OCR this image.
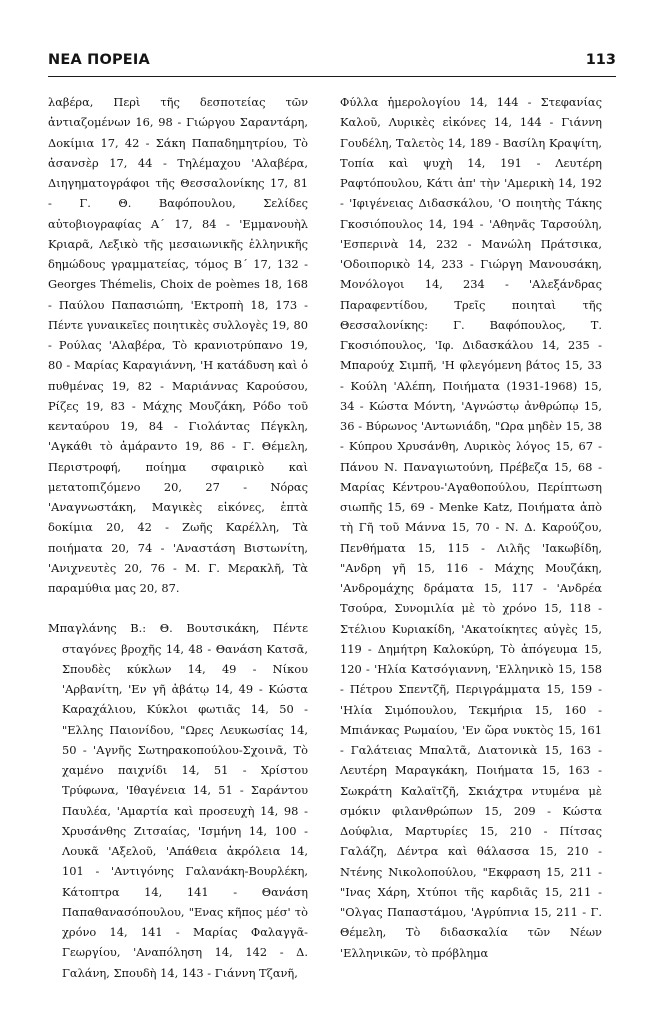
ΝΕΑ ΠΟΡΕΙΑ	113

λαβέρα, Περὶ τῆς δεσποτείας τῶν ἀντιαζομένων 16, 98 - Γιώργου Σαραντάρη, Δοκίμια 17, 42 - Σάκη Παπαδημητρίου, Τὸ ἀσανσὲρ 17, 44 - Τηλέμαχου 'Αλαβέρα, Διηγηματογράφοι τῆς Θεσσαλονίκης 17, 81 - Γ. Θ. Βαφόπουλου, Σελίδες αὐτοβιογραφίας Α΄ 17, 84 - 'Εμμανουὴλ Κριαρᾶ, Λεξικὸ τῆς μεσαιωνικῆς ἑλληνικῆς δημώδους γραμματείας, τόμος Β΄ 17, 132 - Georges Thémelis, Choix de poèmes 18, 168 - Παύλου Παπασιώπη, 'Εκτροπὴ 18, 173 - Πέντε γυναικεῖες ποιητικὲς συλλογὲς 19, 80 - Ρούλας 'Αλαβέρα, Τὸ κρανιοτρύπανο 19, 80 - Μαρίας Καραγιάννη, 'Η κατάδυση καὶ ὁ πυθμένας 19, 82 - Μαριάννας Καρούσου, Ρίζες 19, 83 - Μάχης Μουζάκη, Ρόδο τοῦ κενταύρου 19, 84 - Γιολάντας Πέγκλη, 'Αγκάθι τὸ ἀμάραντο 19, 86 - Γ. Θέμελη, Περιστροφή, ποίημα σφαιρικὸ καὶ μετατοπιζόμενο 20, 27 - Νόρας 'Αναγνωστάκη, Μαγικὲς εἰκόνες, ἑπτὰ δοκίμια 20, 42 - Ζωῆς Καρέλλη, Τὰ ποιήματα 20, 74 - 'Αναστάση Βιστωνίτη, 'Ανιχνευτὲς 20, 76 - Μ. Γ. Μερακλῆ, Τὰ παραμύθια μας 20, 87.

Μπαγλάνης Β.: Θ. Βουτσικάκη, Πέντε σταγόνες βροχῆς 14, 48 - Θανάση Κατσᾶ, Σπουδὲς κύκλων 14, 49 - Νίκου 'Αρβανίτη, 'Εν γῆ ἀβάτῳ 14, 49 - Κώστα Καραχάλιου, Κύκλοι φωτιᾶς 14, 50 - "Ελλης Παιονίδου, "Ωρες Λευκωσίας 14, 50 - 'Αγνῆς Σωτηρακοπούλου-Σχοινᾶ, Τὸ χαμένο παιχνίδι 14, 51 - Χρίστου Τρύφωνα, 'Ιθαγένεια 14, 51 - Σαράντου Παυλέα, 'Αμαρτία καὶ προσευχὴ 14, 98 - Χρυσάνθης Ζιτσαίας, 'Ισμήνη 14, 100 - Λουκᾶ 'Αξελοῦ, 'Απάθεια ἀκρόλεια 14, 101 - 'Αντιγόνης Γαλανάκη-Βουρλέκη, Κάτοπτρα 14, 141 - Θανάση Παπαθανασόπουλου, "Ενας κῆπος μέσ' τὸ χρόνο 14, 141 - Μαρίας Φαλαγγᾶ-Γεωργίου, 'Αναπόληση 14, 142 - Δ. Γαλάνη, Σπουδὴ 14, 143 - Γιάννη Τζανῆ,

Φύλλα ἡμερολογίου 14, 144 - Στεφανίας Καλοῦ, Λυρικὲς εἰκόνες 14, 144 - Γιάννη Γουδέλη, Ταλετὸς 14, 189 - Βασίλη Κραψίτη, Τοπία καὶ ψυχὴ 14, 191 - Λευτέρη Ραφτόπουλου, Κάτι ἀπ' τὴν 'Αμερικὴ 14, 192 - 'Ιφιγένειας Διδασκάλου, 'Ο ποιητὴς Τάκης Γκοσιόπουλος 14, 194 - 'Αθηνᾶς Ταρσούλη, 'Εσπερινὰ 14, 232 - Μανώλη Πράτσικα, 'Οδοιπορικὸ 14, 233 - Γιώργη Μανουσάκη, Μονόλογοι 14, 234 - 'Αλεξάνδρας Παραφεντίδου, Τρεῖς ποιηταὶ τῆς Θεσσαλονίκης: Γ. Βαφόπουλος, Τ. Γκοσιόπουλος, 'Ιφ. Διδασκάλου 14, 235 - Μπαρούχ Σιμπῆ, 'Η φλεγόμενη βάτος 15, 33 - Κούλη 'Αλέπη, Ποιήματα (1931-1968) 15, 34 - Κώστα Μόντη, 'Αγνώστῳ ἀνθρώπῳ 15, 36 - Βύρωνος 'Αντωνιάδη, "Ωρα μηδὲν 15, 38 - Κύπρου Χρυσάνθη, Λυρικὸς λόγος 15, 67 - Πάνου Ν. Παναγιωτούνη, Πρέβεζα 15, 68 - Μαρίας Κέντρου-'Αγαθοπούλου, Περίπτωση σιωπῆς 15, 69 - Menke Katz, Ποιήματα ἀπὸ τὴ Γῆ τοῦ Μάννα 15, 70 - Ν. Δ. Καρούζου, Πενθήματα 15, 115 - Λιλῆς 'Ιακωβίδη, "Ανδρη γῆ 15, 116 - Μάχης Μουζάκη, 'Ανδρομάχης δράματα 15, 117 - 'Ανδρέα Τσούρα, Συνομιλία μὲ τὸ χρόνο 15, 118 - Στέλιου Κυριακίδη, 'Ακατοίκητες αὐγὲς 15, 119 - Δημήτρη Καλοκύρη, Τὸ ἀπόγευμα 15, 120 - 'Ηλία Κατσόγιαννη, 'Ελληνικὸ 15, 158 - Πέτρου Σπεντζῆ, Περιγράμματα 15, 159 - 'Ηλία Σιμόπουλου, Τεκμήρια 15, 160 - Μπιάνκας Ρωμαίου, 'Εν ὥρα νυκτὸς 15, 161 - Γαλάτειας Μπαλτᾶ, Διατονικὰ 15, 163 - Λευτέρη Μαραγκάκη, Ποιήματα 15, 163 - Σωκράτη Καλαϊτζῆ, Σκιάχτρα ντυμένα μὲ σμόκιν φιλανθρώπων 15, 209 - Κώστα Δούφλια, Μαρτυρίες 15, 210 - Πίτσας Γαλάζη, Δέντρα καὶ θάλασσα 15, 210 - Ντένης Νικολοπούλου, "Εκφραση 15, 211 - "Ινας Χάρη, Χτύποι τῆς καρδιᾶς 15, 211 - "Ολγας Παπαστάμου, 'Αγρύπνια 15, 211 - Γ. Θέμελη, Τὸ διδασκαλία τῶν Νέων 'Ελληνικῶν, τὸ πρόβλημα
